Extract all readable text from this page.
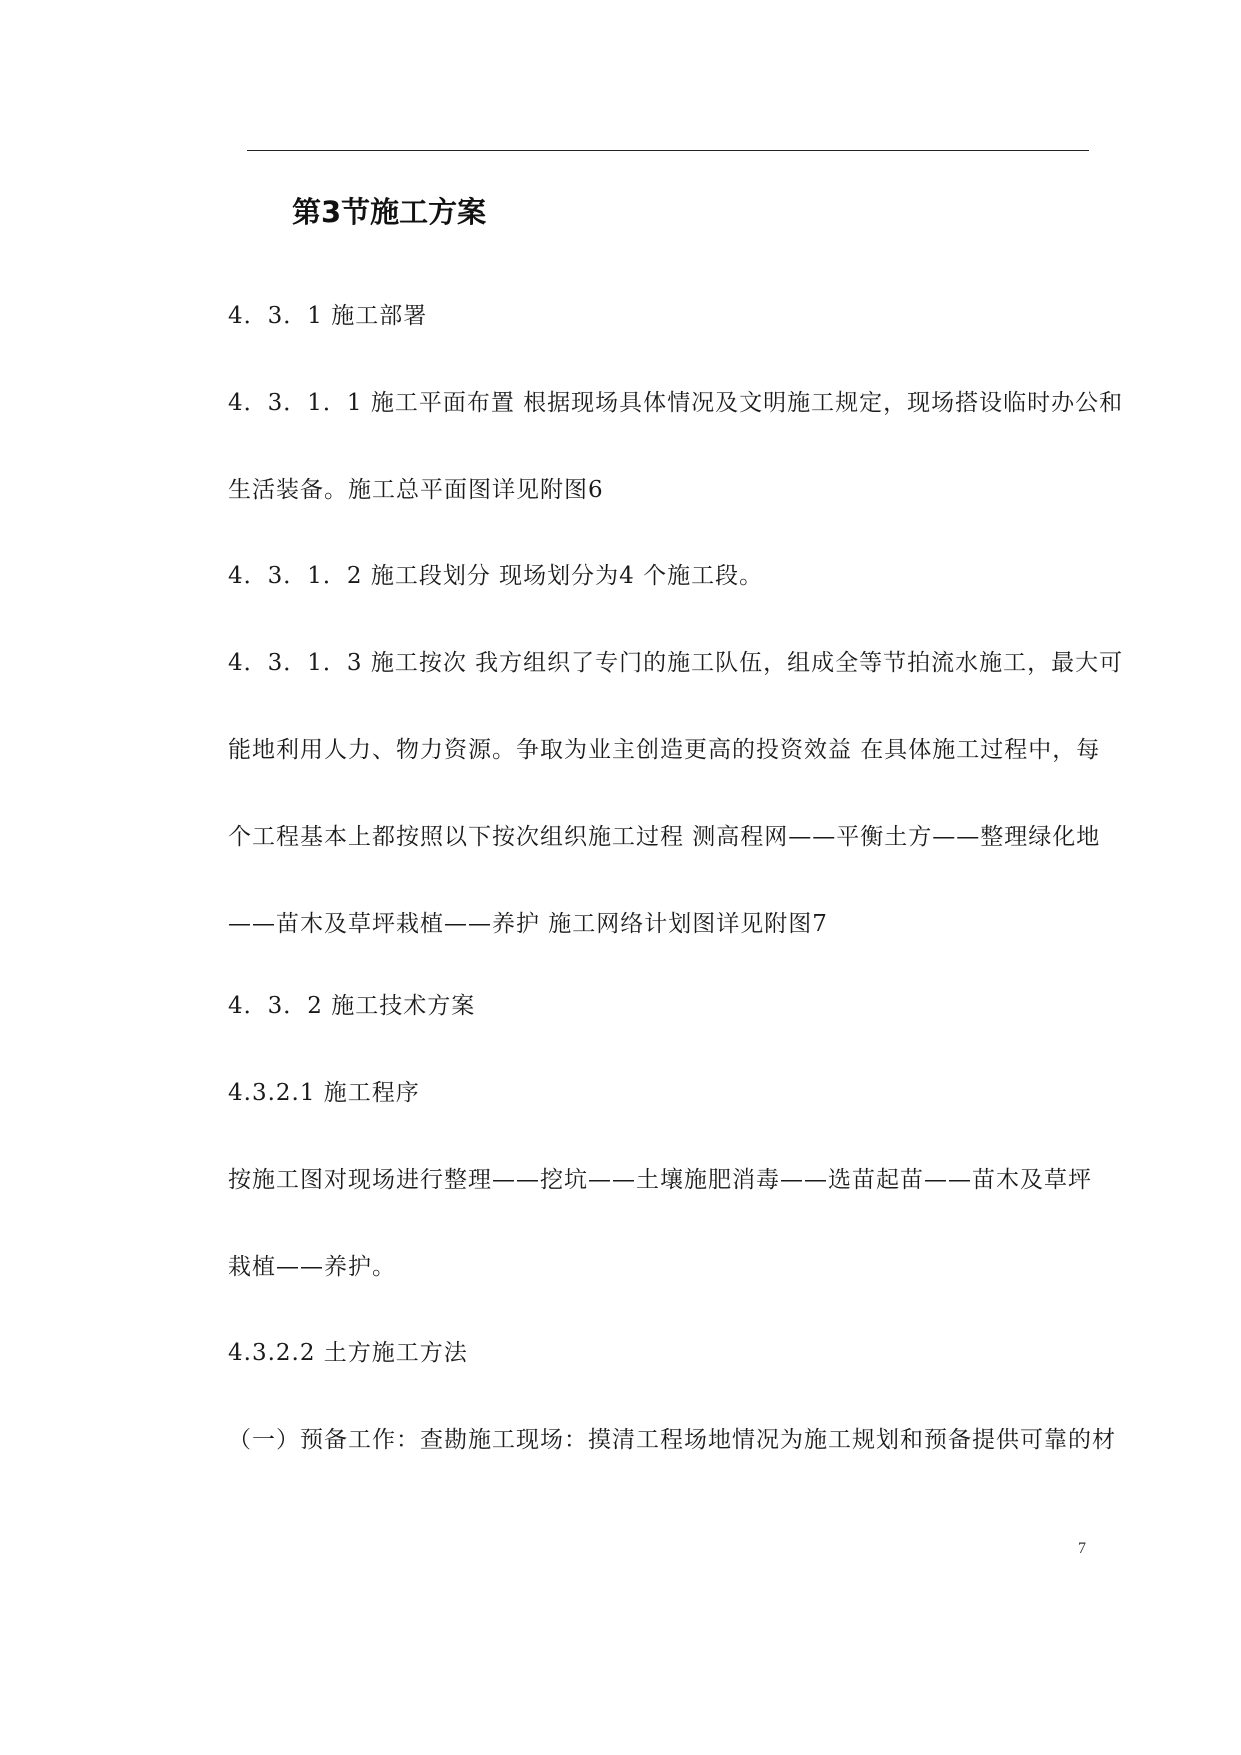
第3节施工方案
4．3．1 施工部署
4．3．1．1 施工平面布置 根据现场具体情况及文明施工规定，现场搭设临时办公和
生活装备。施工总平面图详见附图6
4．3．1．2 施工段划分 现场划分为4 个施工段。
4．3．1．3 施工按次 我方组织了专门的施工队伍，组成全等节拍流水施工，最大可
能地利用人力、物力资源。争取为业主创造更高的投资效益 在具体施工过程中，每
个工程基本上都按照以下按次组织施工过程 测高程网——平衡土方——整理绿化地
——苗木及草坪栽植——养护 施工网络计划图详见附图7
4．3．2 施工技术方案
4.3.2.1 施工程序
按施工图对现场进行整理——挖坑——土壤施肥消毒——选苗起苗——苗木及草坪
栽植——养护。
4.3.2.2 土方施工方法
（一）预备工作：查勘施工现场：摸清工程场地情况为施工规划和预备提供可靠的材
7
